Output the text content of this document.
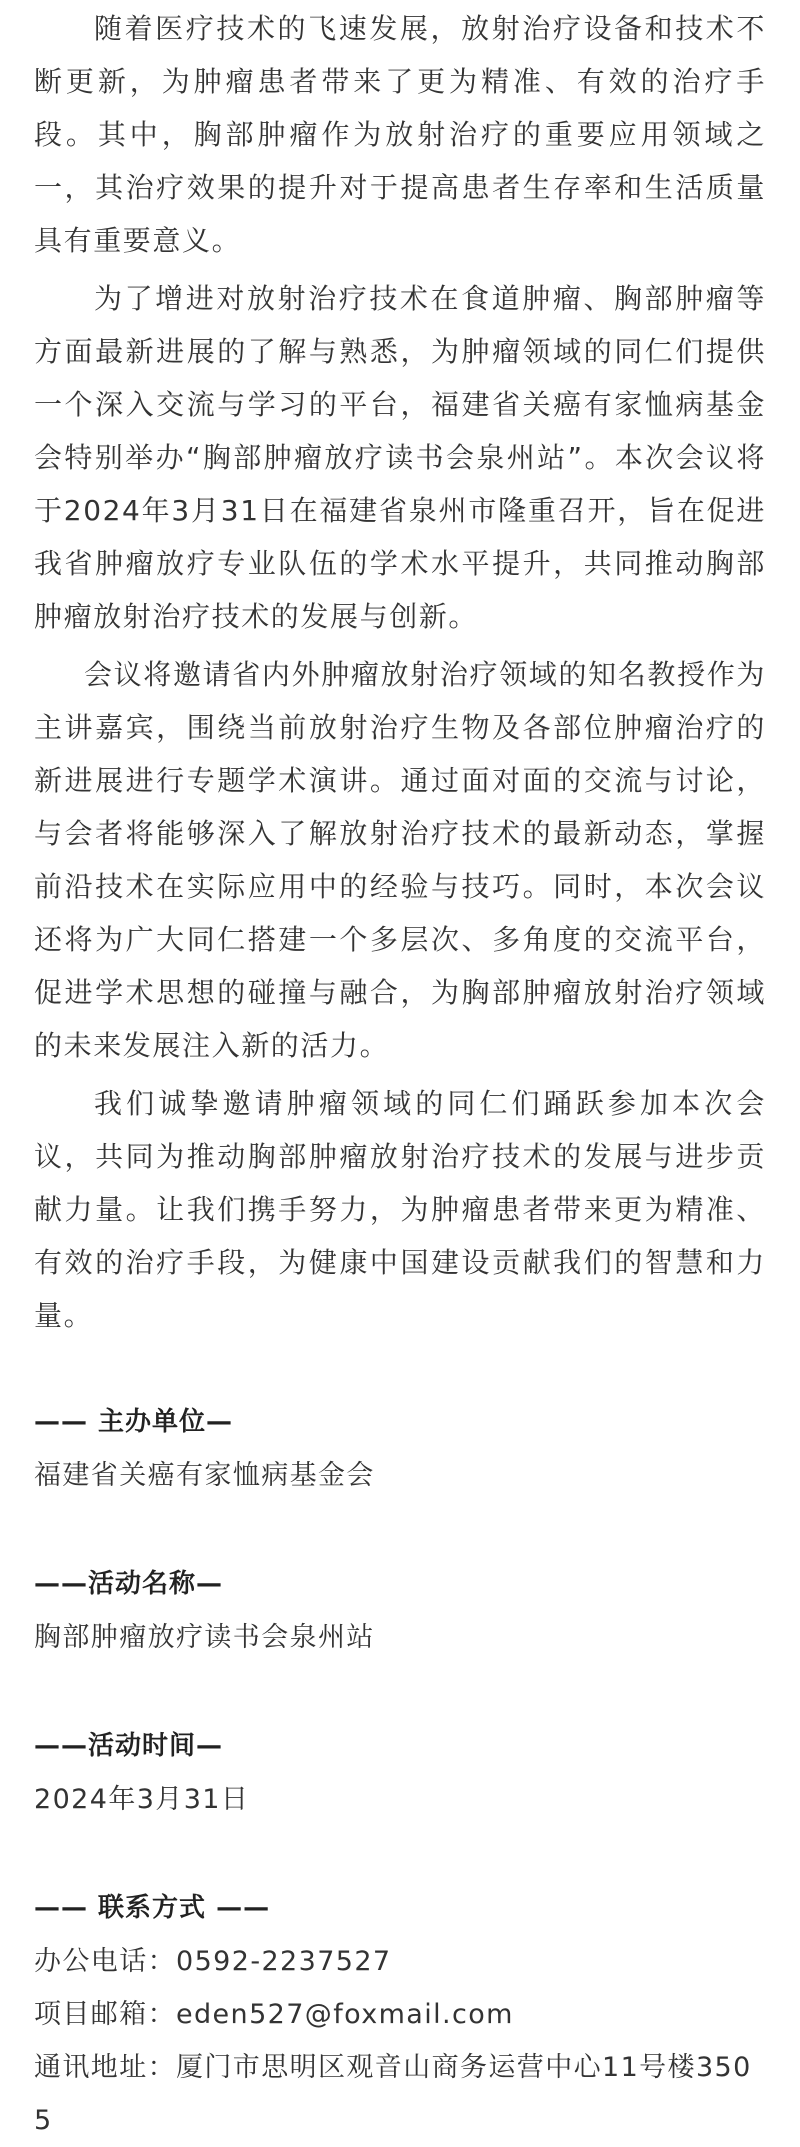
随着医疗技术的飞速发展，放射治疗设备和技术不断更新，为肿瘤患者带来了更为精准、有效的治疗手段。其中，胸部肿瘤作为放射治疗的重要应用领域之一，其治疗效果的提升对于提高患者生存率和生活质量具有重要意义。

为了增进对放射治疗技术在食道肿瘤、胸部肿瘤等方面最新进展的了解与熟悉，为肿瘤领域的同仁们提供一个深入交流与学习的平台，福建省关癌有家恤病基金会特别举办“胸部肿瘤放疗读书会泉州站”。本次会议将于2024年3月31日在福建省泉州市隆重召开，旨在促进我省肿瘤放疗专业队伍的学术水平提升，共同推动胸部肿瘤放射治疗技术的发展与创新。

会议将邀请省内外肿瘤放射治疗领域的知名教授作为主讲嘉宾，围绕当前放射治疗生物及各部位肿瘤治疗的新进展进行专题学术演讲。通过面对面的交流与讨论，与会者将能够深入了解放射治疗技术的最新动态，掌握前沿技术在实际应用中的经验与技巧。同时，本次会议还将为广大同仁搭建一个多层次、多角度的交流平台，促进学术思想的碰撞与融合，为胸部肿瘤放射治疗领域的未来发展注入新的活力。

我们诚挚邀请肿瘤领域的同仁们踊跃参加本次会议，共同为推动胸部肿瘤放射治疗技术的发展与进步贡献力量。让我们携手努力，为肿瘤患者带来更为精准、有效的治疗手段，为健康中国建设贡献我们的智慧和力量。

—— 主办单位—

福建省关癌有家恤病基金会

——活动名称—

胸部肿瘤放疗读书会泉州站

——活动时间—

2024年3月31日

—— 联系方式 ——

办公电话：0592-2237527

项目邮箱：eden527@foxmail.com

通讯地址：厦门市思明区观音山商务运营中心11号楼3505
